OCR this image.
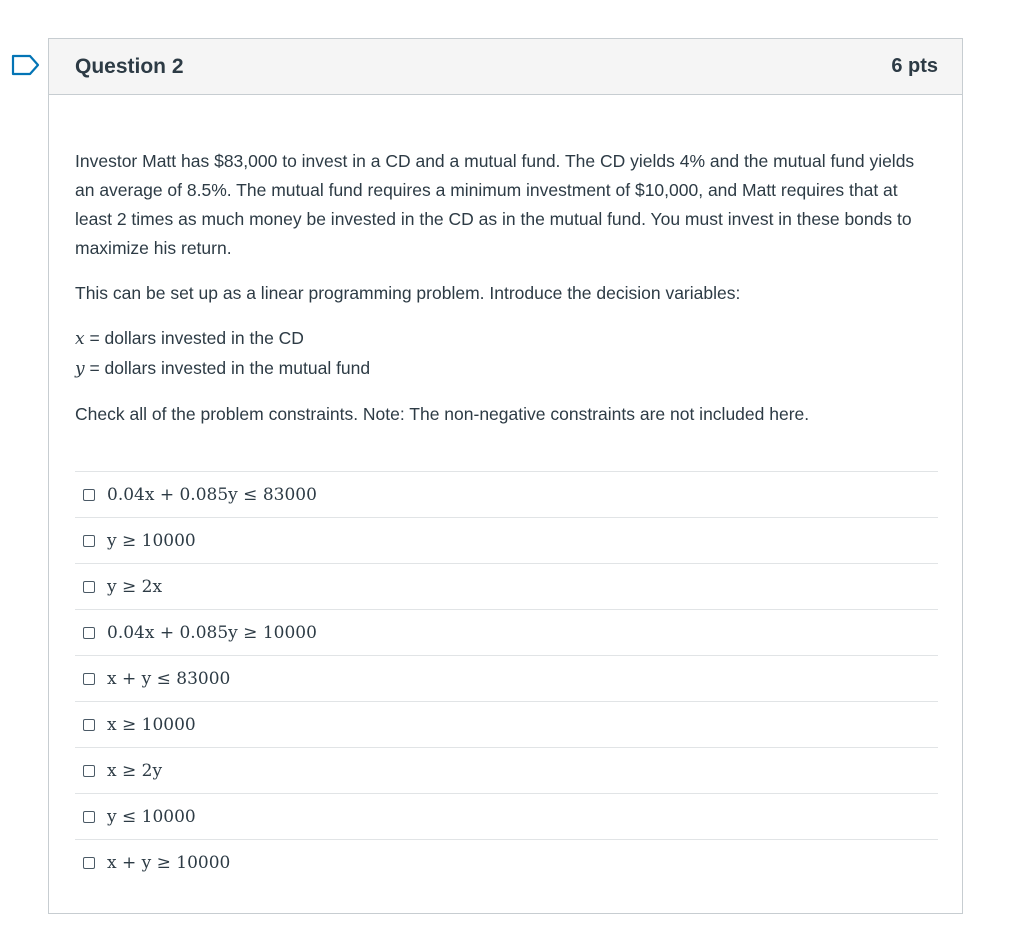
Question 2	6 pts

Investor Matt has $83,000 to invest in a CD and a mutual fund. The CD yields 4% and the mutual fund yields an average of 8.5%. The mutual fund requires a minimum investment of $10,000, and Matt requires that at least 2 times as much money be invested in the CD as in the mutual fund. You must invest in these bonds to maximize his return.

This can be set up as a linear programming problem. Introduce the decision variables:

x = dollars invested in the CD
y = dollars invested in the mutual fund

Check all of the problem constraints. Note: The non-negative constraints are not included here.

0.04x + 0.085y ≤ 83000
y ≥ 10000
y ≥ 2x
0.04x + 0.085y ≥ 10000
x + y ≤ 83000
x ≥ 10000
x ≥ 2y
y ≤ 10000
x + y ≥ 10000
